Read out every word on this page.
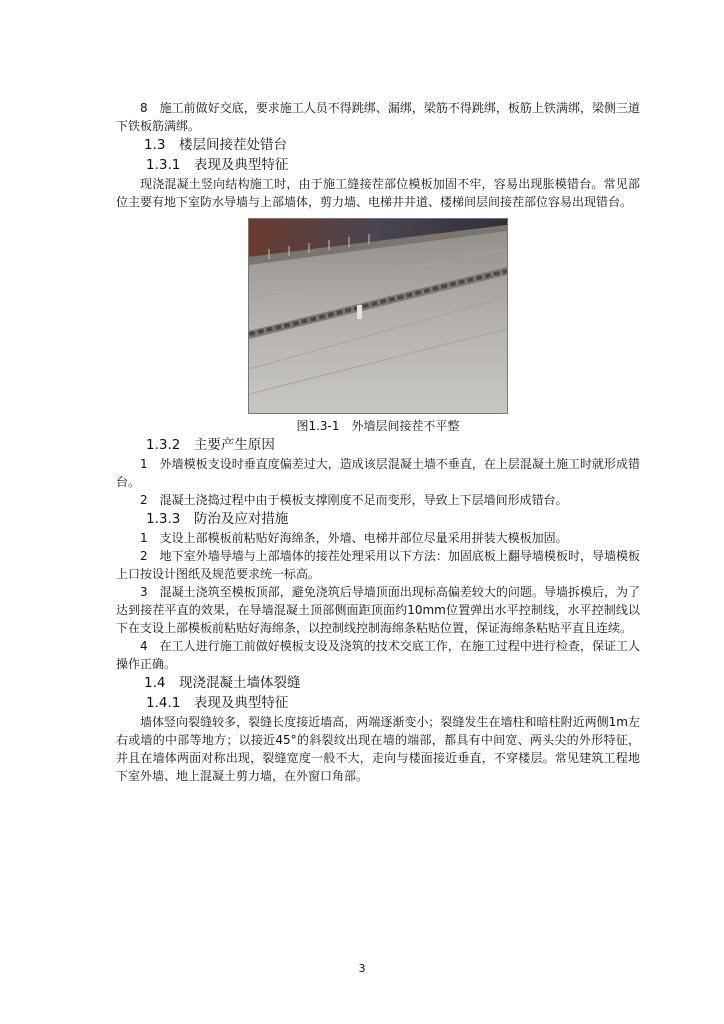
8　施工前做好交底，要求施工人员不得跳绑、漏绑，梁筋不得跳绑，板筋上铁满绑，梁侧三道下铁板筋满绑。

1.3　楼层间接茬处错台

1.3.1　表现及典型特征

现浇混凝土竖向结构施工时，由于施工缝接茬部位模板加固不牢，容易出现胀模错台。常见部位主要有地下室防水导墙与上部墙体，剪力墙、电梯井井道、楼梯间层间接茬部位容易出现错台。

图1.3-1　外墙层间接茬不平整

1.3.2　主要产生原因

1　外墙模板支设时垂直度偏差过大，造成该层混凝土墙不垂直，在上层混凝土施工时就形成错台。

2　混凝土浇捣过程中由于模板支撑刚度不足而变形，导致上下层墙间形成错台。

1.3.3　防治及应对措施

1　支设上部模板前粘贴好海绵条，外墙、电梯井部位尽量采用拼装大模板加固。

2　地下室外墙导墙与上部墙体的接茬处理采用以下方法：加固底板上翻导墙模板时，导墙模板上口按设计图纸及规范要求统一标高。

3　混凝土浇筑至模板顶部，避免浇筑后导墙顶面出现标高偏差较大的问题。导墙拆模后，为了达到接茬平直的效果，在导墙混凝土顶部侧面距顶面约10mm位置弹出水平控制线，水平控制线以下在支设上部模板前粘贴好海绵条，以控制线控制海绵条粘贴位置，保证海绵条粘贴平直且连续。

4　在工人进行施工前做好模板支设及浇筑的技术交底工作，在施工过程中进行检查，保证工人操作正确。

1.4　现浇混凝土墙体裂缝

1.4.1　表现及典型特征

墙体竖向裂缝较多，裂缝长度接近墙高，两端逐渐变小；裂缝发生在墙柱和暗柱附近两侧1m左右或墙的中部等地方；以接近45°的斜裂纹出现在墙的端部，都具有中间宽、两头尖的外形特征，并且在墙体两面对称出现，裂缝宽度一般不大，走向与楼面接近垂直，不穿楼层。常见建筑工程地下室外墙、地上混凝土剪力墙，在外窗口角部。

3
